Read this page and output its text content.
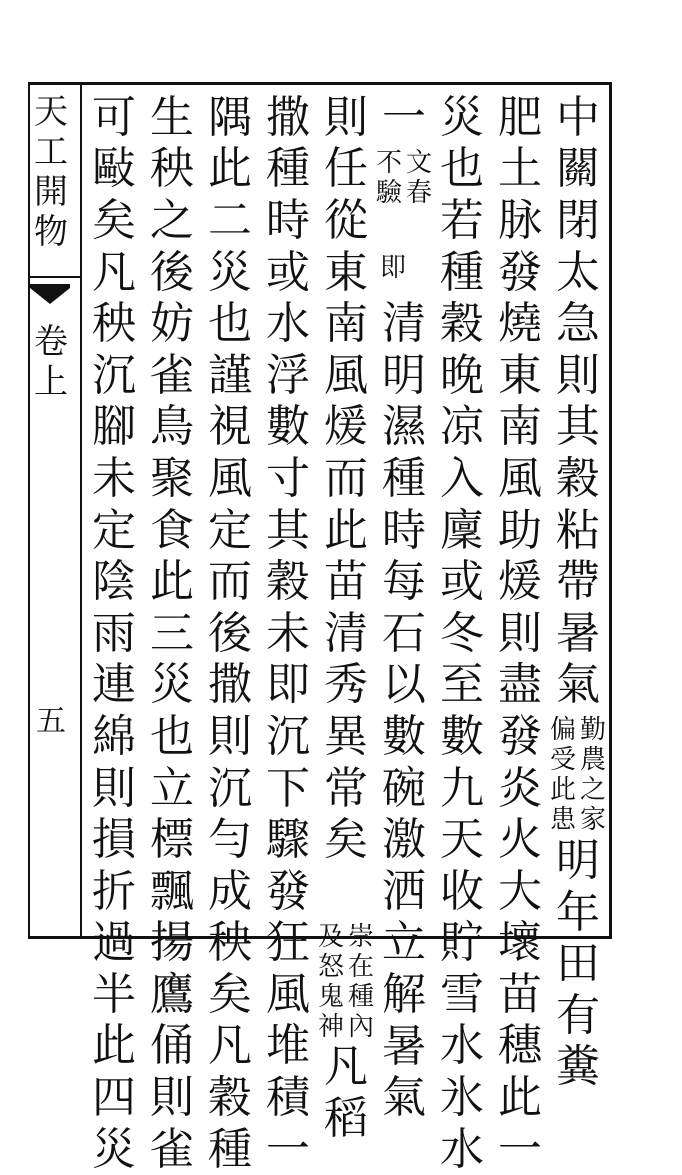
天
工
開
物
卷
上
五
中
關
閉
太
急
則
其
穀
粘
帶
暑
氣
勤
農
之
家
偏
受
此
患
明
年
田
有
糞
肥
土
脉
發
燒
東
南
風
助
煖
則
盡
發
炎
火
大
壞
苗
穗
此
一
災
也
若
種
穀
晚
凉
入
廩
或
冬
至
數
九
天
收
貯
雪
水
氷
水
一
文
春
不
驗
即
清
明
濕
種
時
每
石
以
數
碗
激
洒
立
解
暑
氣
則
任
從
東
南
風
煖
而
此
苗
清
秀
異
常
矣
崇
在
種
內
及
怒
鬼
神
凡
稻
撒
種
時
或
水
浮
數
寸
其
穀
未
即
沉
下
驟
發
狂
風
堆
積
一
隅
此
二
災
也
謹
視
風
定
而
後
撒
則
沉
勻
成
秧
矣
凡
穀
種
生
秧
之
後
妨
雀
鳥
聚
食
此
三
災
也
立
標
飄
揚
鷹
俑
則
雀
可
敺
矣
凡
秧
沉
腳
未
定
陰
雨
連
綿
則
損
折
過
半
此
四
災
